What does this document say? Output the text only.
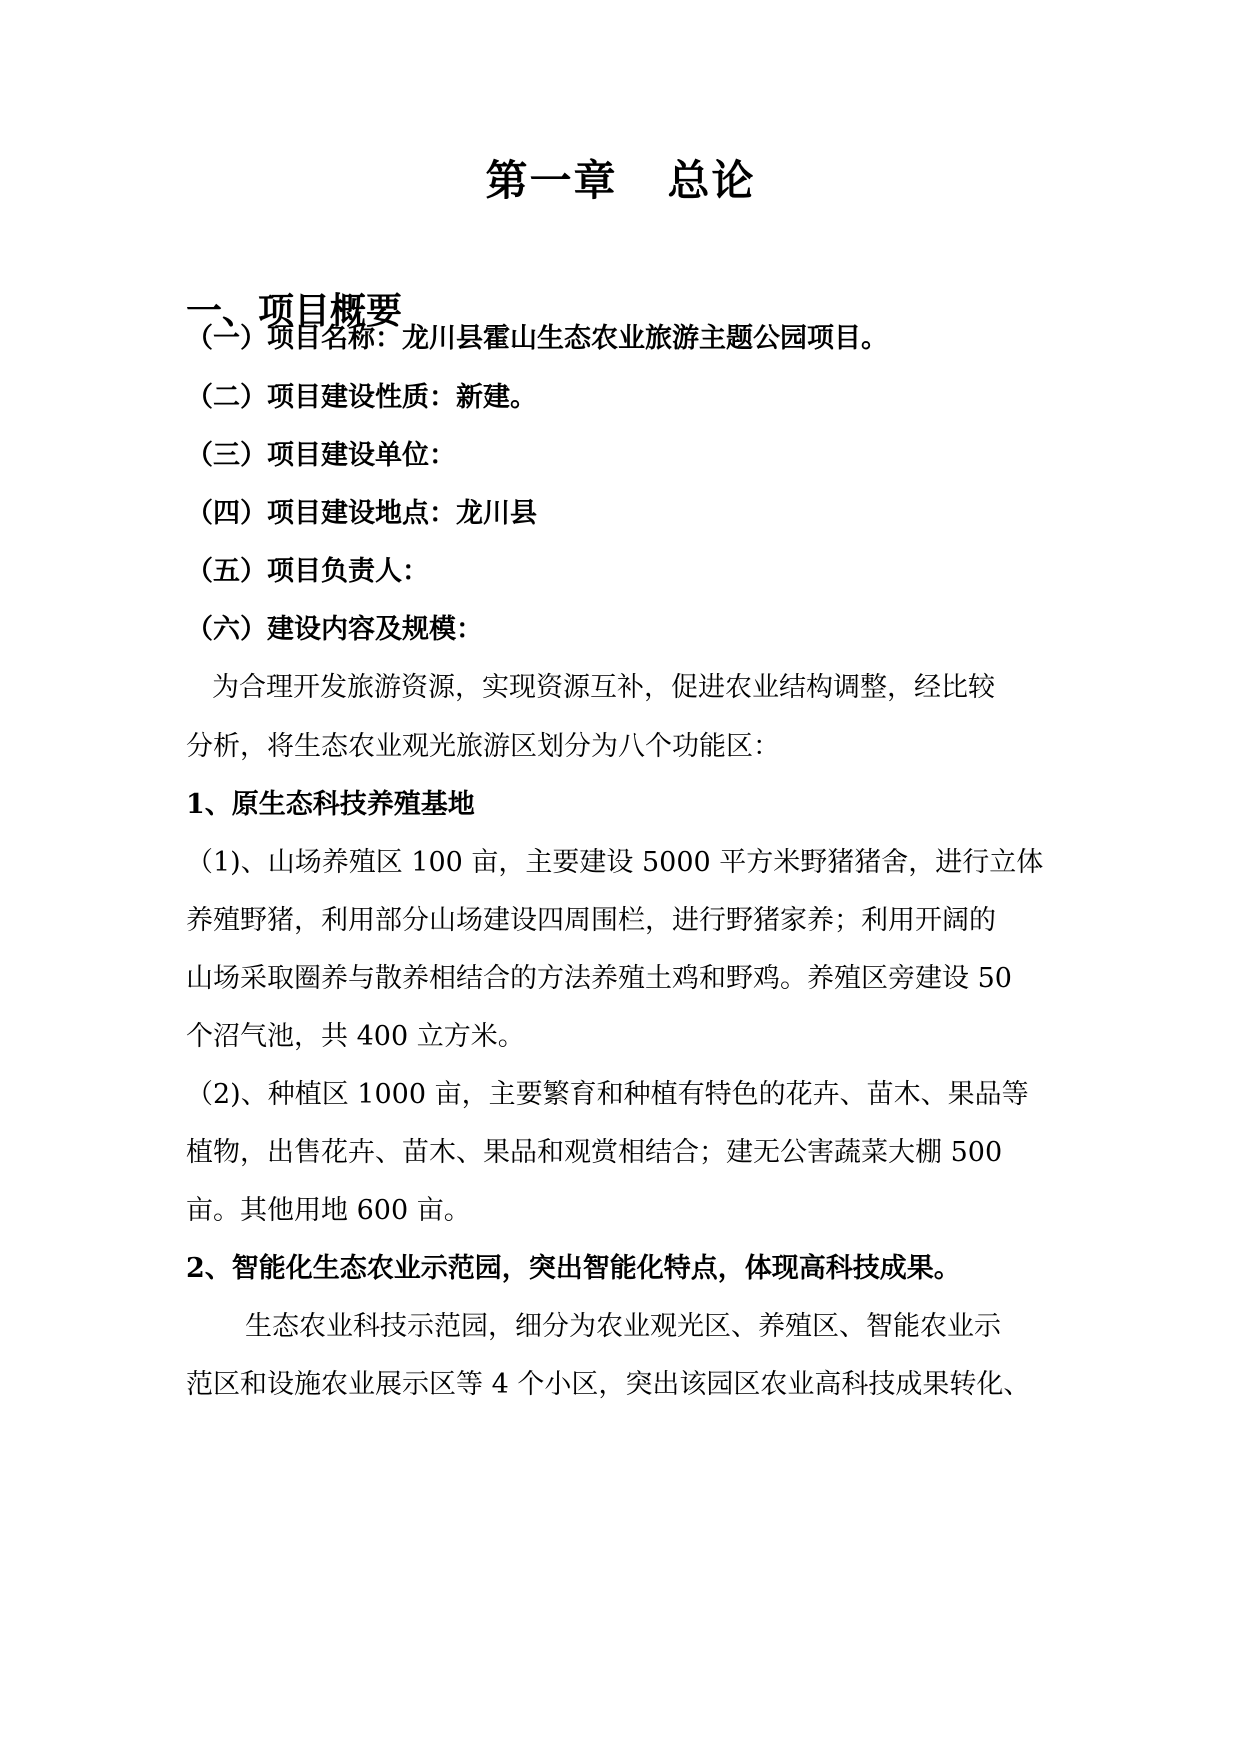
第一章 总论
一、项目概要

（一）项目名称：龙川县霍山生态农业旅游主题公园项目。

（二）项目建设性质：新建。

（三）项目建设单位：

（四）项目建设地点：龙川县

（五）项目负责人：

（六）建设内容及规模：

为合理开发旅游资源，实现资源互补，促进农业结构调整，经比较

分析，将生态农业观光旅游区划分为八个功能区：

1、原生态科技养殖基地

（1)、山场养殖区 100 亩，主要建设 5000 平方米野猪猪舍，进行立体

养殖野猪，利用部分山场建设四周围栏，进行野猪家养；利用开阔的

山场采取圈养与散养相结合的方法养殖土鸡和野鸡。养殖区旁建设 50

个沼气池，共 400 立方米。

（2)、种植区 1000 亩，主要繁育和种植有特色的花卉、苗木、果品等

植物，出售花卉、苗木、果品和观赏相结合；建无公害蔬菜大棚 500

亩。其他用地 600 亩。

2、智能化生态农业示范园，突出智能化特点，体现高科技成果。

生态农业科技示范园，细分为农业观光区、养殖区、智能农业示

范区和设施农业展示区等 4 个小区，突出该园区农业高科技成果转化、
